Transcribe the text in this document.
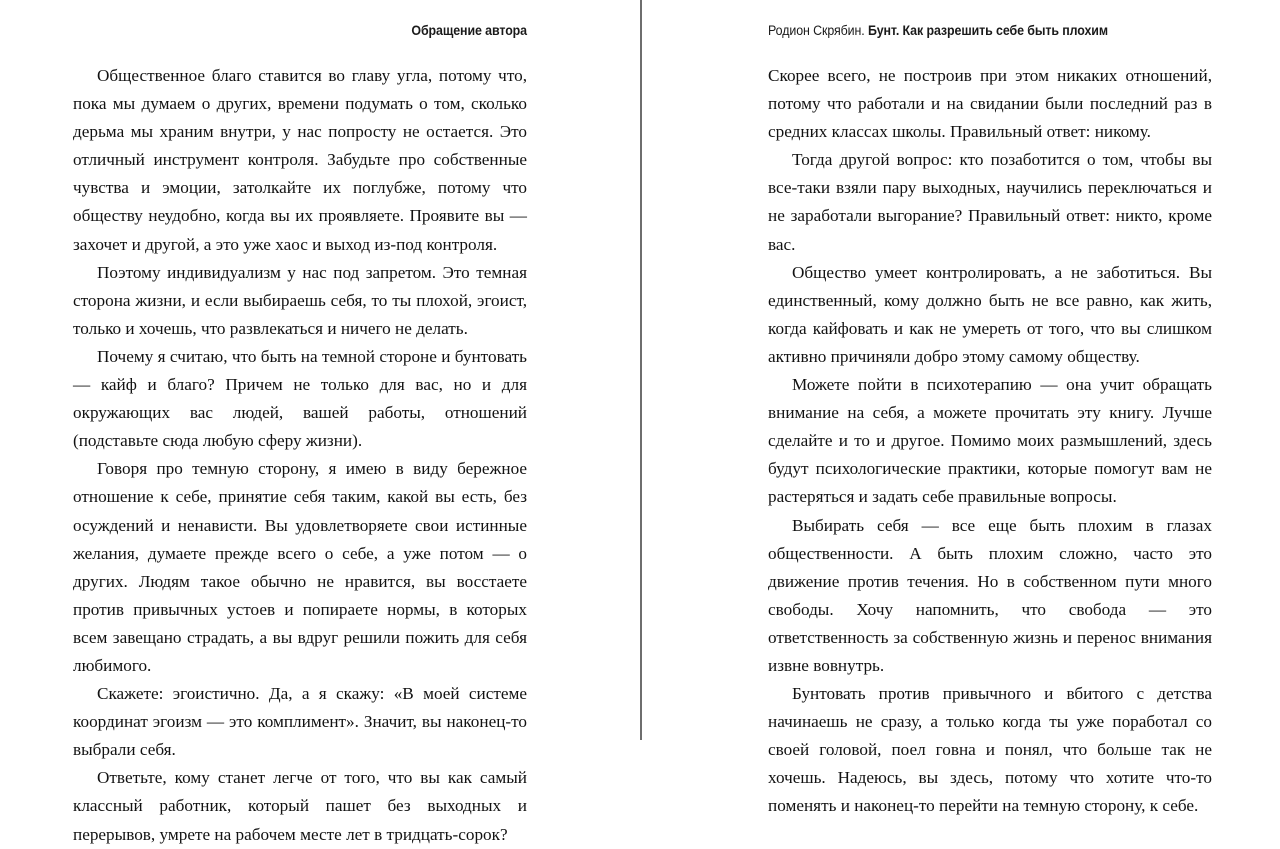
Обращение автора

Общественное благо ставится во главу угла, потому что, пока мы думаем о других, времени подумать о том, сколько дерьма мы храним внутри, у нас попросту не остается. Это отличный инструмент контроля. Забудьте про собственные чувства и эмоции, затолкайте их поглубже, потому что обществу неудобно, когда вы их проявляете. Проявите вы — захочет и другой, а это уже хаос и выход из-под контроля.

Поэтому индивидуализм у нас под запретом. Это темная сторона жизни, и если выбираешь себя, то ты плохой, эгоист, только и хочешь, что развлекаться и ничего не делать.

Почему я считаю, что быть на темной стороне и бунтовать — кайф и благо? Причем не только для вас, но и для окружающих вас людей, вашей работы, отношений (подставьте сюда любую сферу жизни).

Говоря про темную сторону, я имею в виду бережное отношение к себе, принятие себя таким, какой вы есть, без осуждений и ненависти. Вы удовлетворяете свои истинные желания, думаете прежде всего о себе, а уже потом — о других. Людям такое обычно не нравится, вы восстаете против привычных устоев и попираете нормы, в которых всем завещано страдать, а вы вдруг решили пожить для себя любимого.

Скажете: эгоистично. Да, а я скажу: «В моей системе координат эгоизм — это комплимент». Значит, вы наконец-то выбрали себя.

Ответьте, кому станет легче от того, что вы как самый классный работник, который пашет без выходных и перерывов, умрете на рабочем месте лет в тридцать-сорок?

Родион Скрябин.
Бунт. Как разрешить себе быть плохим

Скорее всего, не построив при этом никаких отношений, потому что работали и на свидании были последний раз в средних классах школы. Правильный ответ: никому.

Тогда другой вопрос: кто позаботится о том, чтобы вы все-таки взяли пару выходных, научились переключаться и не заработали выгорание? Правильный ответ: никто, кроме вас.

Общество умеет контролировать, а не заботиться. Вы единственный, кому должно быть не все равно, как жить, когда кайфовать и как не умереть от того, что вы слишком активно причиняли добро этому самому обществу.

Можете пойти в психотерапию — она учит обращать внимание на себя, а можете прочитать эту книгу. Лучше сделайте и то и другое. Помимо моих размышлений, здесь будут психологические практики, которые помогут вам не растеряться и задать себе правильные вопросы.

Выбирать себя — все еще быть плохим в глазах общественности. А быть плохим сложно, часто это движение против течения. Но в собственном пути много свободы. Хочу напомнить, что свобода — это ответственность за собственную жизнь и перенос внимания извне вовнутрь.

Бунтовать против привычного и вбитого с детства начинаешь не сразу, а только когда ты уже поработал со своей головой, поел говна и понял, что больше так не хочешь. Надеюсь, вы здесь, потому что хотите что-то поменять и наконец-то перейти на темную сторону, к себе.
